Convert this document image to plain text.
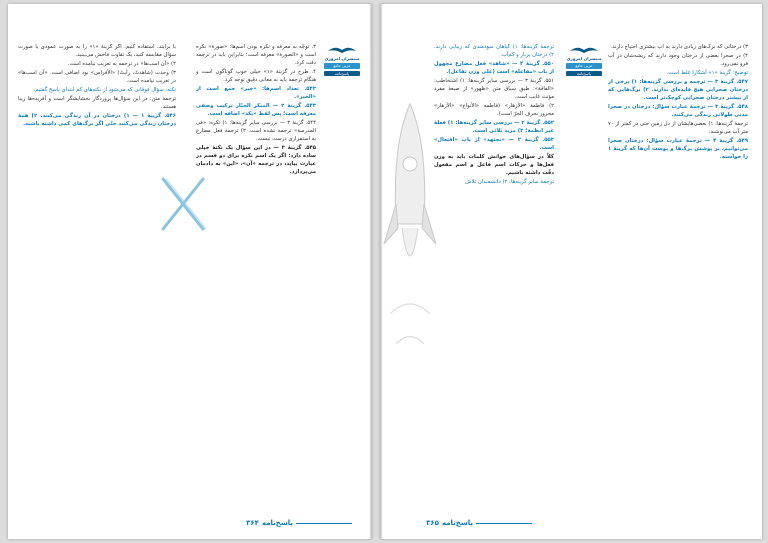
۳. توجّه به معرفه و نکره بودن اسم‌ها: «صورة» نکره است و «الصورة» معرفه است؛ بنابراین باید در ترجمه دقت کرد.

۴. طرح در گزینهٔ «۱» خیلی خوب گوناگون است و هنگام ترجمه باید به معانی دقیق توجه کرد.

۵۴۳. تعداد اسم‌ها: «خیر» جمع است از «الخیر».

۵۴۳. گزینهٔ ۲ — المنکر الجبّار ترکیب وصفی معرفه است؛ پس لفظ «یکد» اضافه است.

۵۴۴. گزینهٔ ۳ — بررسی سایر گزینه‌ها: ۱) نکره: «فی‌ المدرسة» ترجمه نشده است. ۲) ترجمهٔ فعل مضارع به استمراری درست نیست.

۵۴۵. گزینهٔ ۳ — در این سؤال یک نکتهٔ خیلی ساده دارد: اگر یک اسم نکره برای دو قسم در عبارت بیاید، در ترجمه «آن»، «این» به دادمان می‌پردازد.

با برآیند، استفاده کنیم. اگر گزینهٔ «۱» را به صورت عمودی یا صورت سؤال مقایسه کنید، یک تفاوت فاحش می‌بینید.

۲) «آن اسب‌ها» در ترجمه به تعریب نیامده است.

۳) وحدت (شاهدتُ، رأیتُ) «الأفراس» بود اضافی است. «آن اسب‌ها» در تعریب نیامده است.

نکته: سؤال فوقانی که می‌شود از نکته‌های کم ابتدای پاسخ گفتیم.

ترجمهٔ متن: در این سؤال‌ها پروردگار بخشایشگر است و آفریده‌ها زیبا هستند.

۵۴۶. گزینهٔ ۱ — ۱) درختان در آن زندگی می‌کنند. ۲) همهٔ درختان زندگی می‌کنند حتّی اگر برگ‌های کمی داشته باشند.

منتشران امروزی
عربی جامع
پاسخ‌نامه
۳۶۴ پاسخ‌نامه

۳) درختانی که برگ‌های زیادی دارند به آب بیشتری احتیاج دارند.

۴) در صحرا بعضی از درختان وجود دارند که ریشه‌شان در آب فرو نمی‌رود.

توضیح: گزینهٔ «۱» آشکارا غلط است.

۵۴۷. گزینهٔ ۳ — ترجمه و بررسی گزینه‌ها: ۱) برخی از درختان صحرایی هیچ فایده‌ای ندارند. ۲) برگ‌هایی که از بیشتر درختان صحرایی کوچک‌تر است.

۵۴۸. گزینهٔ ۳ — ترجمهٔ عبارت سؤال: درختان در صحرا مدتی طولانی زندگی می‌کنند.

ترجمهٔ گزینه‌ها: ۱) بعضی‌هایشان از دل زمین حتی در کمتر از ۷۰ متر آب می‌نوشند.

۵۴۹. گزینهٔ ۴ — ترجمهٔ عبارت سؤال: درختان صحرا می‌توانیم، بر پوشش برگ‌ها و پوست آن‌ها که گزینهٔ ۱ را خواسته.

ترجمهٔ گزینه‌ها: ۱) گیاهان سودمندی که زیبایی دارند. ۲) درختان پربار و کم‌آب.

۵۵۰. گزینهٔ ۴ — «شاهد» فعل مضارع مجهول از باب «مفاعلة» است (علی وزن تفاعل).

۵۵۱. گزینهٔ ۳ — بررسی سایر گزینه‌ها: ۱) اشتخاطب: «الفاقة»: طبق سیاق متن «ظهور» از صیغهٔ مفرد مؤنث غایب است.

۲) فاطمة «الاَزهار» (فاطمه «الأنواع» «الأزهار» مجرور بحرف الجرّ است).

۵۵۲. گزینهٔ ۲ — بررسی سایر گزینه‌ها: ۱) فعلهٔ غیر انظمة؛ ۳) مزید ثلاثی است.

۵۵۳. گزینهٔ ۲ — «نجتهد» از باب «افتعال» است.

کلاً در سؤال‌های خوانش کلمات باید به وزن فعل‌ها و حرکات اسم فاعل و اسم مفعول دقّت داشته باشیم.

ترجمهٔ سایر گزینه‌ها: ۲) دانشمندان تلاش

منتشران امروزی
عربی جامع
پاسخ‌نامه
۳۶۵ پاسخ‌نامه
